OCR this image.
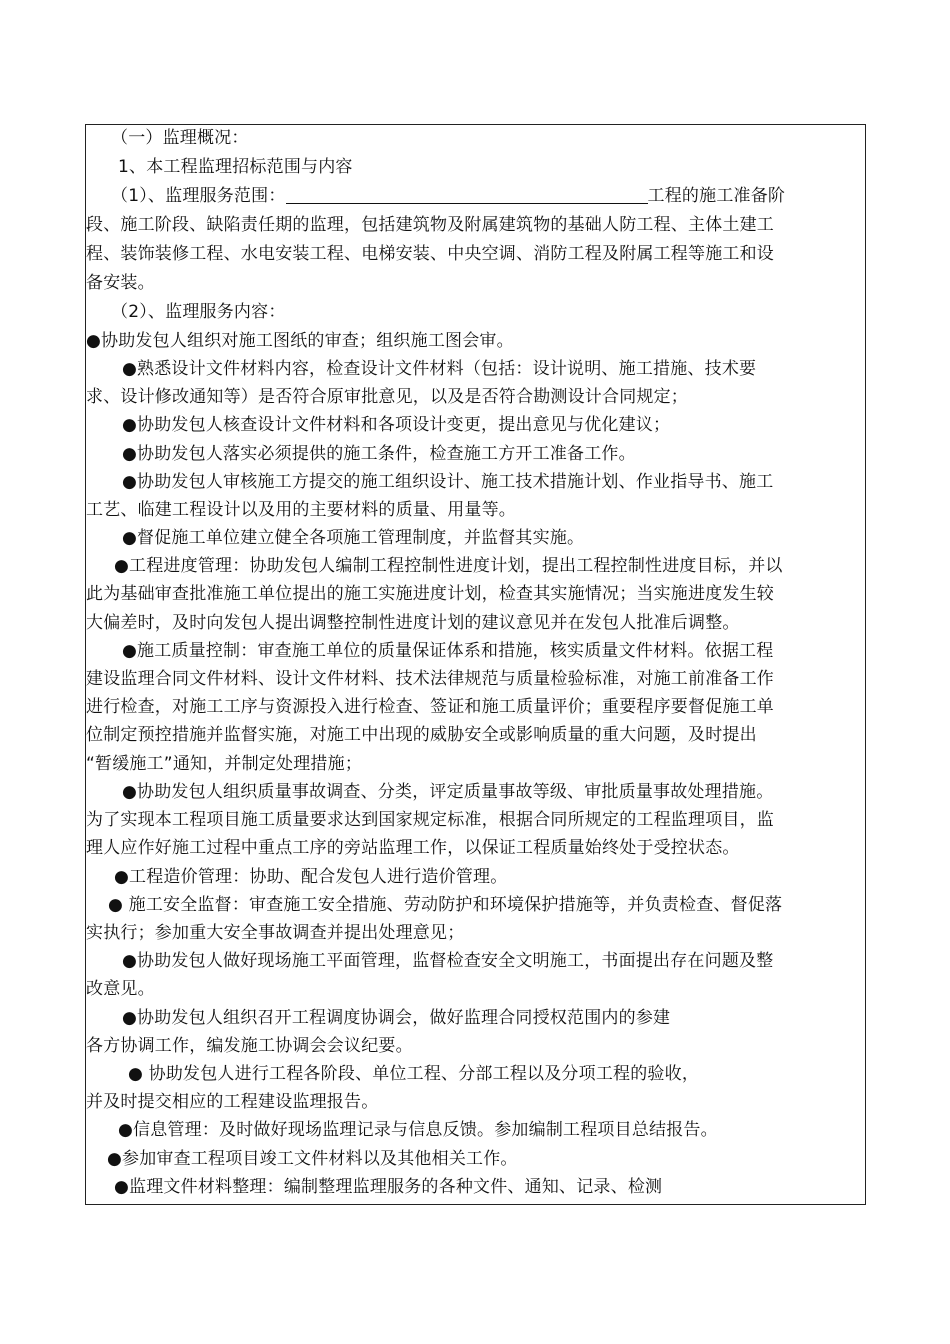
（一）监理概况：
1、本工程监理招标范围与内容
（1）、监理服务范围：	工程的施工准备阶
段、施工阶段、缺陷责任期的监理，包括建筑物及附属建筑物的基础人防工程、主体土建工
程、装饰装修工程、水电安装工程、电梯安装、中央空调、消防工程及附属工程等施工和设
备安装。
（2）、监理服务内容：
●协助发包人组织对施工图纸的审查；组织施工图会审。
●熟悉设计文件材料内容，检查设计文件材料（包括：设计说明、施工措施、技术要
求、设计修改通知等）是否符合原审批意见，以及是否符合勘测设计合同规定；
●协助发包人核查设计文件材料和各项设计变更，提出意见与优化建议；
●协助发包人落实必须提供的施工条件，检查施工方开工准备工作。
●协助发包人审核施工方提交的施工组织设计、施工技术措施计划、作业指导书、施工
工艺、临建工程设计以及用的主要材料的质量、用量等。
●督促施工单位建立健全各项施工管理制度，并监督其实施。
●工程进度管理：协助发包人编制工程控制性进度计划，提出工程控制性进度目标，并以
此为基础审查批准施工单位提出的施工实施进度计划，检查其实施情况；当实施进度发生较
大偏差时，及时向发包人提出调整控制性进度计划的建议意见并在发包人批准后调整。
●施工质量控制：审查施工单位的质量保证体系和措施，核实质量文件材料。依据工程
建设监理合同文件材料、设计文件材料、技术法律规范与质量检验标准，对施工前准备工作
进行检查，对施工工序与资源投入进行检查、签证和施工质量评价；重要程序要督促施工单
位制定预控措施并监督实施，对施工中出现的威胁安全或影响质量的重大问题，及时提出
“暂缓施工”通知，并制定处理措施；
●协助发包人组织质量事故调查、分类，评定质量事故等级、审批质量事故处理措施。
为了实现本工程项目施工质量要求达到国家规定标准，根据合同所规定的工程监理项目，监
理人应作好施工过程中重点工序的旁站监理工作，以保证工程质量始终处于受控状态。
●工程造价管理：协助、配合发包人进行造价管理。
● 施工安全监督：审查施工安全措施、劳动防护和环境保护措施等，并负责检查、督促落
实执行；参加重大安全事故调查并提出处理意见；
●协助发包人做好现场施工平面管理，监督检查安全文明施工，书面提出存在问题及整
改意见。
●协助发包人组织召开工程调度协调会，做好监理合同授权范围内的参建
各方协调工作，编发施工协调会会议纪要。
● 协助发包人进行工程各阶段、单位工程、分部工程以及分项工程的验收，
并及时提交相应的工程建设监理报告。
●信息管理：及时做好现场监理记录与信息反馈。参加编制工程项目总结报告。
●参加审查工程项目竣工文件材料以及其他相关工作。
●监理文件材料整理：编制整理监理服务的各种文件、通知、记录、检测
